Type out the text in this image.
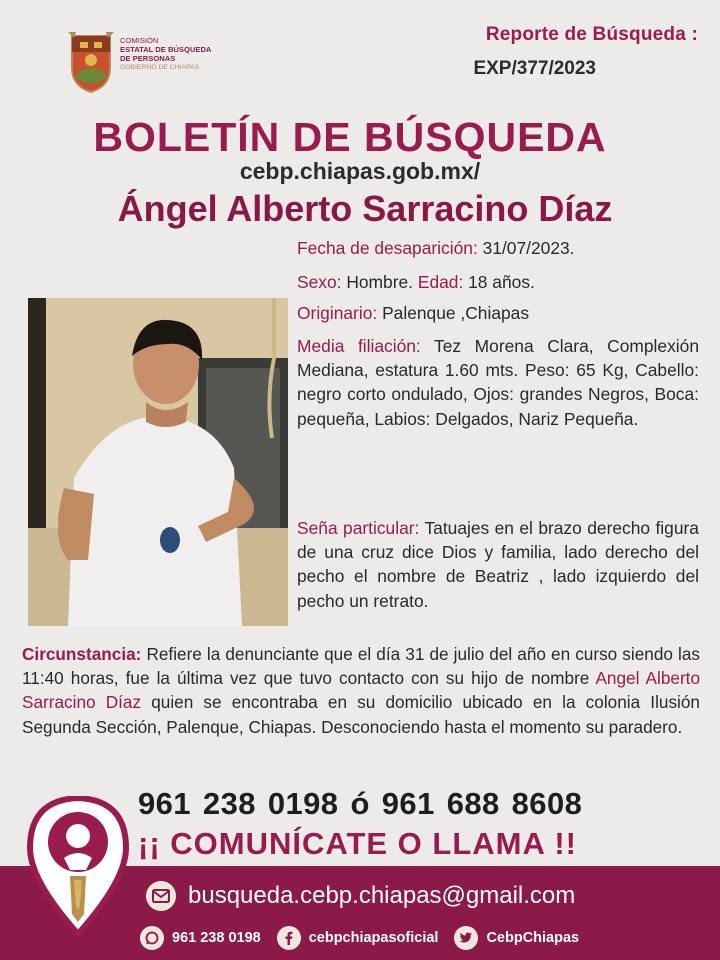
COMISIÓN
ESTATAL DE BÚSQUEDA
DE PERSONAS
GOBIERNO DE CHIAPAS
Reporte de Búsqueda :
EXP/377/2023
BOLETÍN DE BÚSQUEDA
cebp.chiapas.gob.mx/
Ángel Alberto Sarracino Díaz
Fecha de desaparición: 31/07/2023.
Sexo: Hombre. Edad: 18 años.
Originario: Palenque ,Chiapas
Media filiación: Tez Morena Clara, Complexión Mediana, estatura 1.60 mts. Peso: 65 Kg, Cabello: negro corto ondulado, Ojos: grandes Negros, Boca: pequeña, Labios: Delgados, Nariz Pequeña.
Seña particular: Tatuajes en el brazo derecho figura de una cruz dice Dios y familia, lado derecho del pecho el nombre de Beatriz , lado izquierdo del pecho un retrato.
Circunstancia: Refiere la denunciante que el día 31 de julio del año en curso siendo las 11:40 horas, fue la última vez que tuvo contacto con su hijo de nombre Angel Alberto Sarracino Díaz quien se encontraba en su domicilio ubicado en la colonia Ilusión Segunda Sección, Palenque, Chiapas. Desconociendo hasta el momento su paradero.
961 238 0198 ó 961 688 8608
¡¡ COMUNÍCATE O LLAMA !!
busqueda.cebp.chiapas@gmail.com
961 238 0198	cebpchiapasoficial	CebpChiapas
